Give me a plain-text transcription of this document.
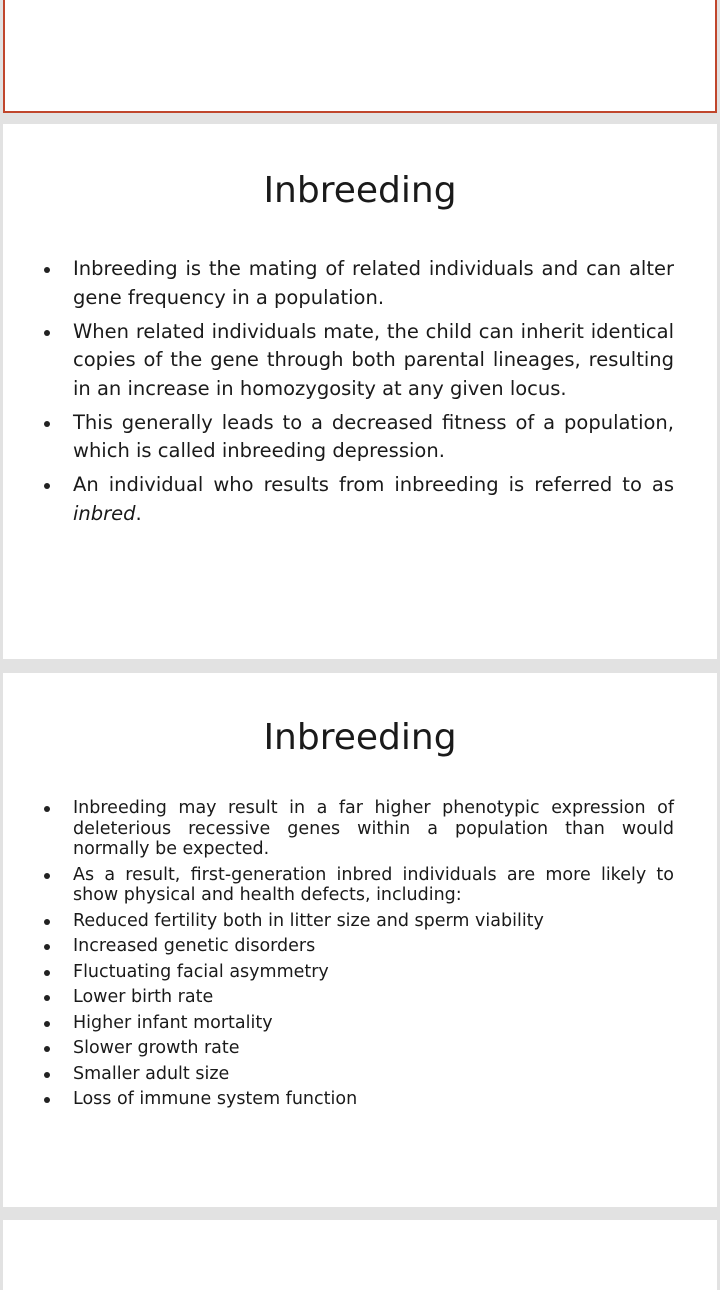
Inbreeding
Inbreeding is the mating of related individuals and can alter gene frequency in a population.
When related individuals mate, the child can inherit identical copies of the gene through both parental lineages, resulting in an increase in homozygosity at any given locus.
This generally leads to a decreased fitness of a population, which is called inbreeding depression.
An individual who results from inbreeding is referred to as inbred.
Inbreeding
Inbreeding may result in a far higher phenotypic expression of deleterious recessive genes within a population than would normally be expected.
As a result, first-generation inbred individuals are more likely to show physical and health defects, including:
Reduced fertility both in litter size and sperm viability
Increased genetic disorders
Fluctuating facial asymmetry
Lower birth rate
Higher infant mortality
Slower growth rate
Smaller adult size
Loss of immune system function
